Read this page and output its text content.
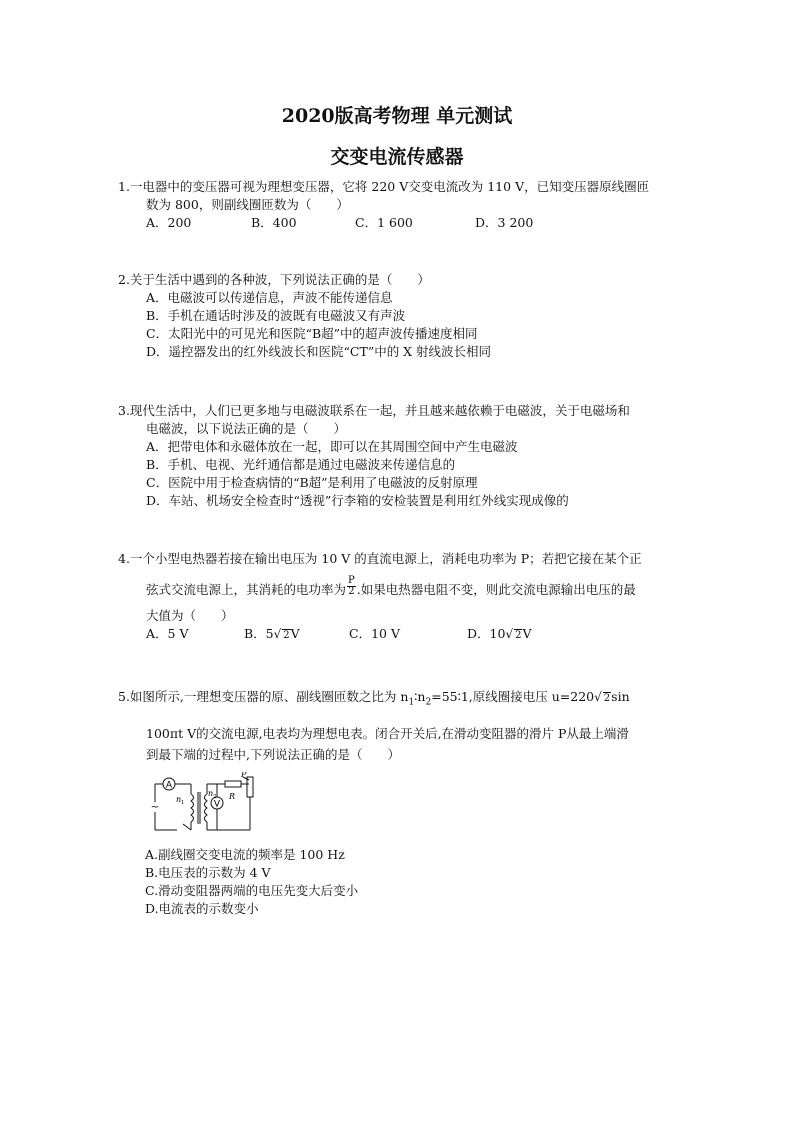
2020版高考物理 单元测试
交变电流传感器
1.一电器中的变压器可视为理想变压器，它将 220 V交变电流改为 110 V，已知变压器原线圈匝
数为 800，则副线圈匝数为（　　）
A．200	B．400	C．1 600	D．3 200
2.关于生活中遇到的各种波，下列说法正确的是（　　）
A．电磁波可以传递信息，声波不能传递信息
B．手机在通话时涉及的波既有电磁波又有声波
C．太阳光中的可见光和医院“B超”中的超声波传播速度相同
D．遥控器发出的红外线波长和医院“CT”中的 X 射线波长相同
3.现代生活中，人们已更多地与电磁波联系在一起，并且越来越依赖于电磁波，关于电磁场和
电磁波，以下说法正确的是（　　）
A．把带电体和永磁体放在一起，即可以在其周围空间中产生电磁波
B．手机、电视、光纤通信都是通过电磁波来传递信息的
C．医院中用于检查病情的“B超”是利用了电磁波的反射原理
D．车站、机场安全检查时“透视”行李箱的安检装置是利用红外线实现成像的
4.一个小型电热器若接在输出电压为 10 V 的直流电源上，消耗电功率为 P；若把它接在某个正
弦式交流电源上，其消耗的电功率为 $\frac{P}{2}$ .如果电热器电阻不变，则此交流电源输出电压的最
大值为（　　）
A．5 V	B．5√ 2V	C．10 V	D．10√ 2V
5.如图所示,一理想变压器的原、副线圈匝数之比为 $n_1∶n_2=55∶1$,原线圈接电压 u=220√ 2sin
100πt V的交流电源,电表均为理想电表。闭合开关后,在滑动变阻器的滑片 P从最上端滑
到最下端的过程中,下列说法正确的是（　　）
A
V
~
n 1
n 2 R
P
A.副线圈交变电流的频率是 100 Hz
B.电压表的示数为 4 V
C.滑动变阻器两端的电压先变大后变小
D.电流表的示数变小
